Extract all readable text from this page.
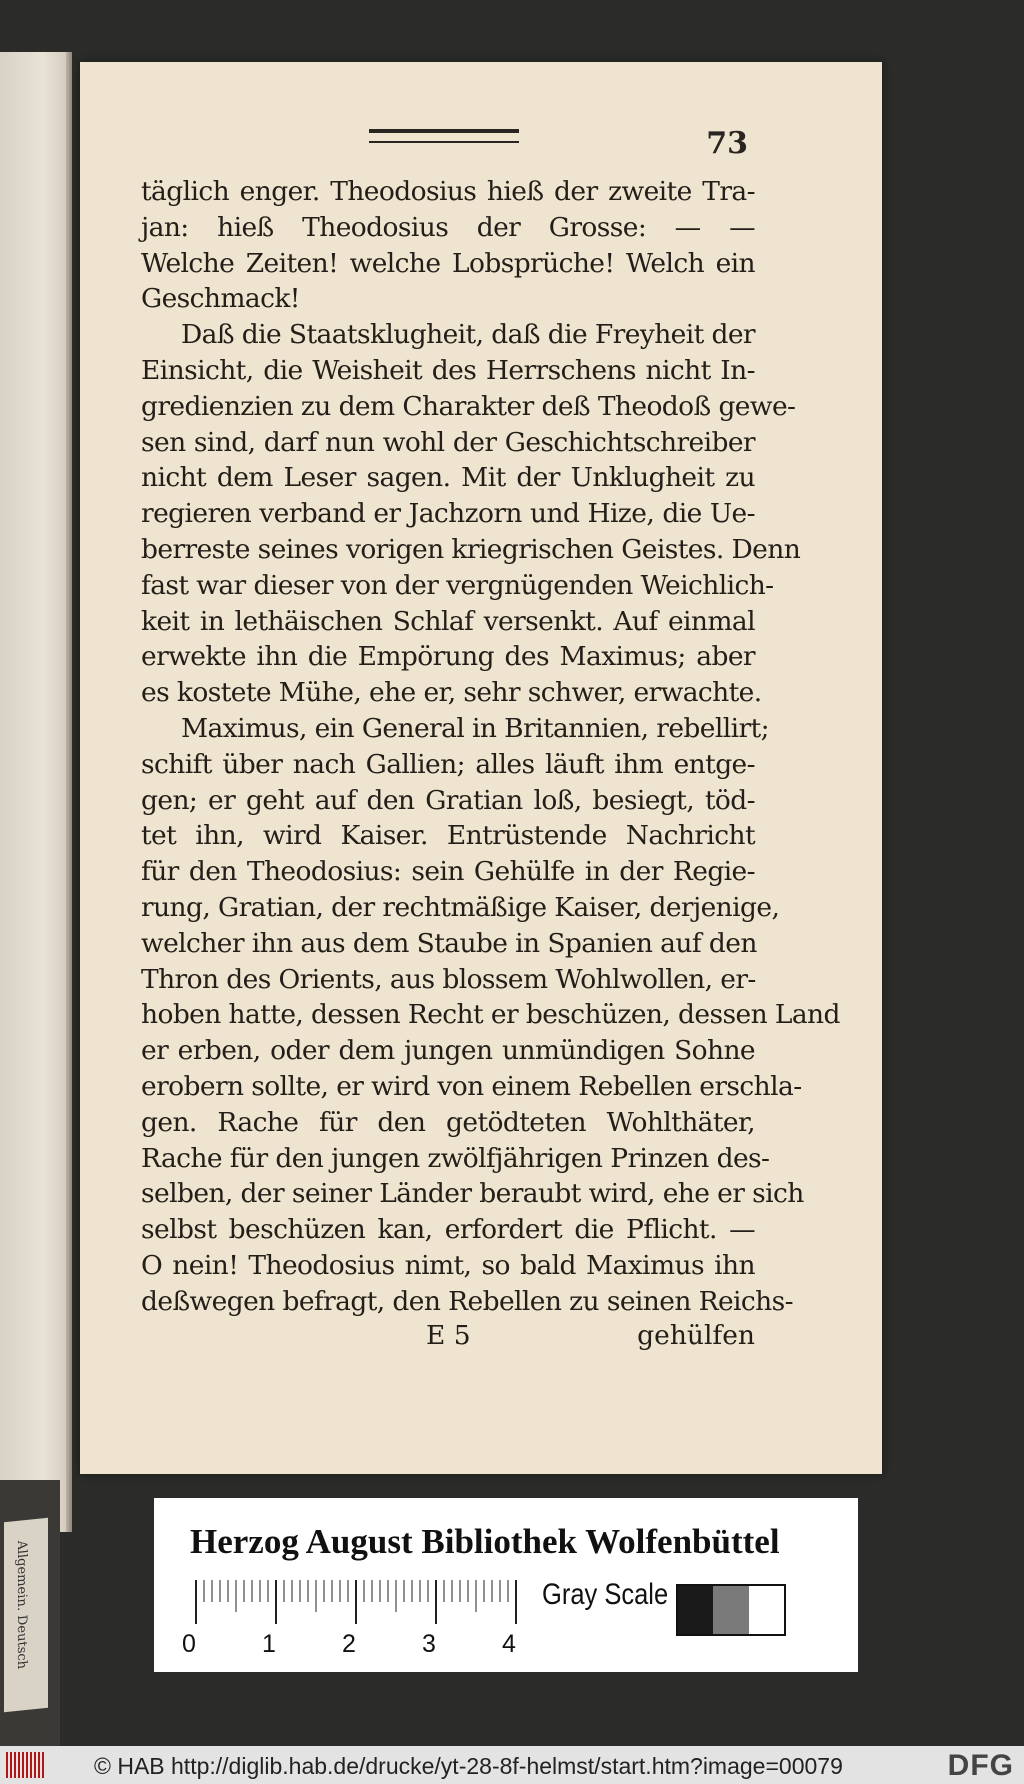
Allgemein. Deutsch
73
täglich enger. Theodosius hieß der zweite Tra-
jan: hieß Theodosius der Grosse: — —
Welche Zeiten! welche Lobsprüche! Welch ein
Geschmack!
Daß die Staatsklugheit, daß die Freyheit der
Einsicht, die Weisheit des Herrschens nicht In-
gredienzien zu dem Charakter deß Theodoß gewe-
sen sind, darf nun wohl der Geschichtschreiber
nicht dem Leser sagen. Mit der Unklugheit zu
regieren verband er Jachzorn und Hize, die Ue-
berreste seines vorigen kriegrischen Geistes. Denn
fast war dieser von der vergnügenden Weichlich-
keit in lethäischen Schlaf versenkt. Auf einmal
erwekte ihn die Empörung des Maximus; aber
es kostete Mühe, ehe er, sehr schwer, erwachte.
Maximus, ein General in Britannien, rebellirt;
schift über nach Gallien; alles läuft ihm entge-
gen; er geht auf den Gratian loß, besiegt, töd-
tet ihn, wird Kaiser. Entrüstende Nachricht
für den Theodosius: sein Gehülfe in der Regie-
rung, Gratian, der rechtmäßige Kaiser, derjenige,
welcher ihn aus dem Staube in Spanien auf den
Thron des Orients, aus blossem Wohlwollen, er-
hoben hatte, dessen Recht er beschüzen, dessen Land
er erben, oder dem jungen unmündigen Sohne
erobern sollte, er wird von einem Rebellen erschla-
gen. Rache für den getödteten Wohlthäter,
Rache für den jungen zwölfjährigen Prinzen des-
selben, der seiner Länder beraubt wird, ehe er sich
selbst beschüzen kan, erfordert die Pflicht. —
O nein! Theodosius nimt, so bald Maximus ihn
deßwegen befragt, den Rebellen zu seinen Reichs-
E 5	gehülfen
Herzog August Bibliothek Wolfenbüttel
0	1	2	3	4
Gray Scale
© HAB http://diglib.hab.de/drucke/yt-28-8f-helmst/start.htm?image=00079	DFG
